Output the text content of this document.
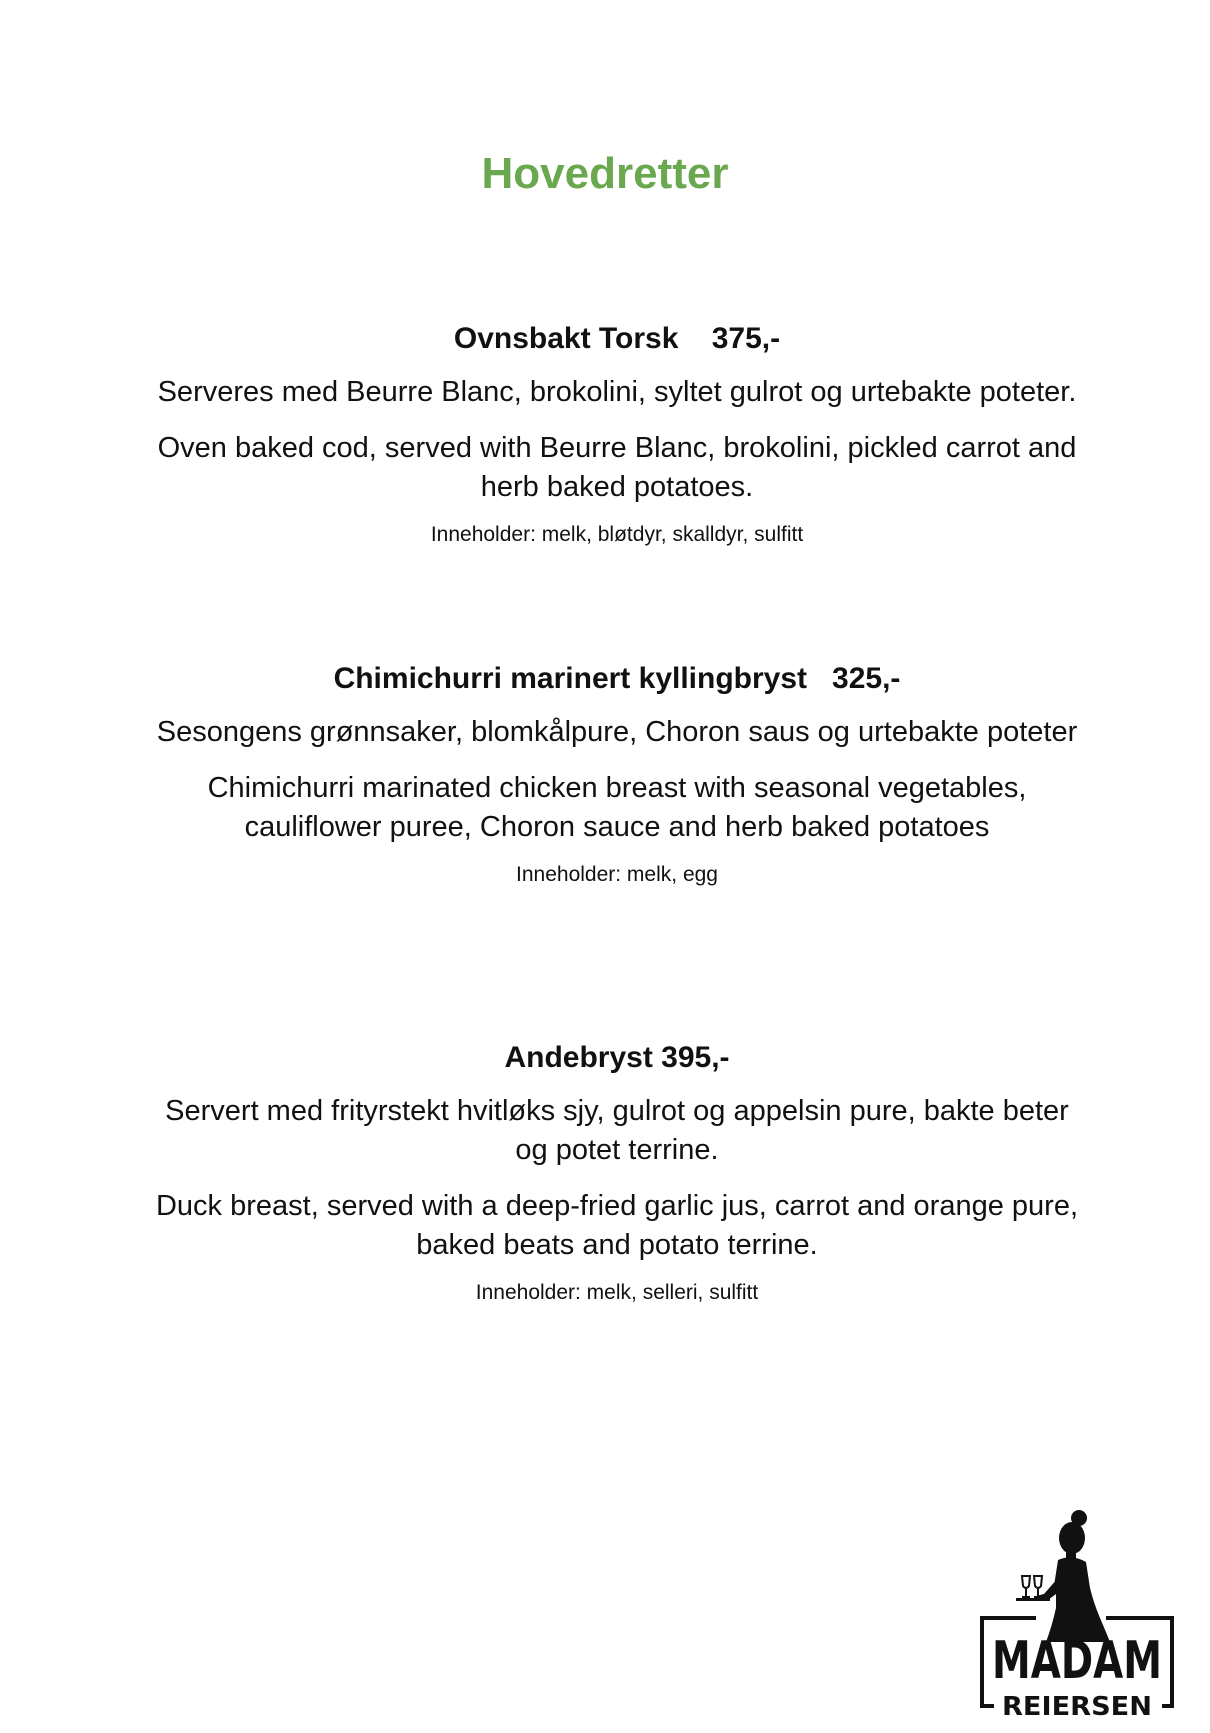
Hovedretter

Ovnsbakt Torsk 375,-

Serveres med Beurre Blanc, brokolini, syltet gulrot og urtebakte poteter.

Oven baked cod, served with Beurre Blanc, brokolini, pickled carrot and herb baked potatoes.

Inneholder: melk, bløtdyr, skalldyr, sulfitt

Chimichurri marinert kyllingbryst 325,-

Sesongens grønnsaker, blomkålpure, Choron saus og urtebakte poteter

Chimichurri marinated chicken breast with seasonal vegetables, cauliflower puree, Choron sauce and herb baked potatoes

Inneholder: melk, egg

Andebryst 395,-

Servert med frityrstekt hvitløks sjy, gulrot og appelsin pure, bakte beter og potet terrine.

Duck breast, served with a deep-fried garlic jus, carrot and orange pure, baked beats and potato terrine.

Inneholder: melk, selleri, sulfitt

MADAM
REIERSEN
